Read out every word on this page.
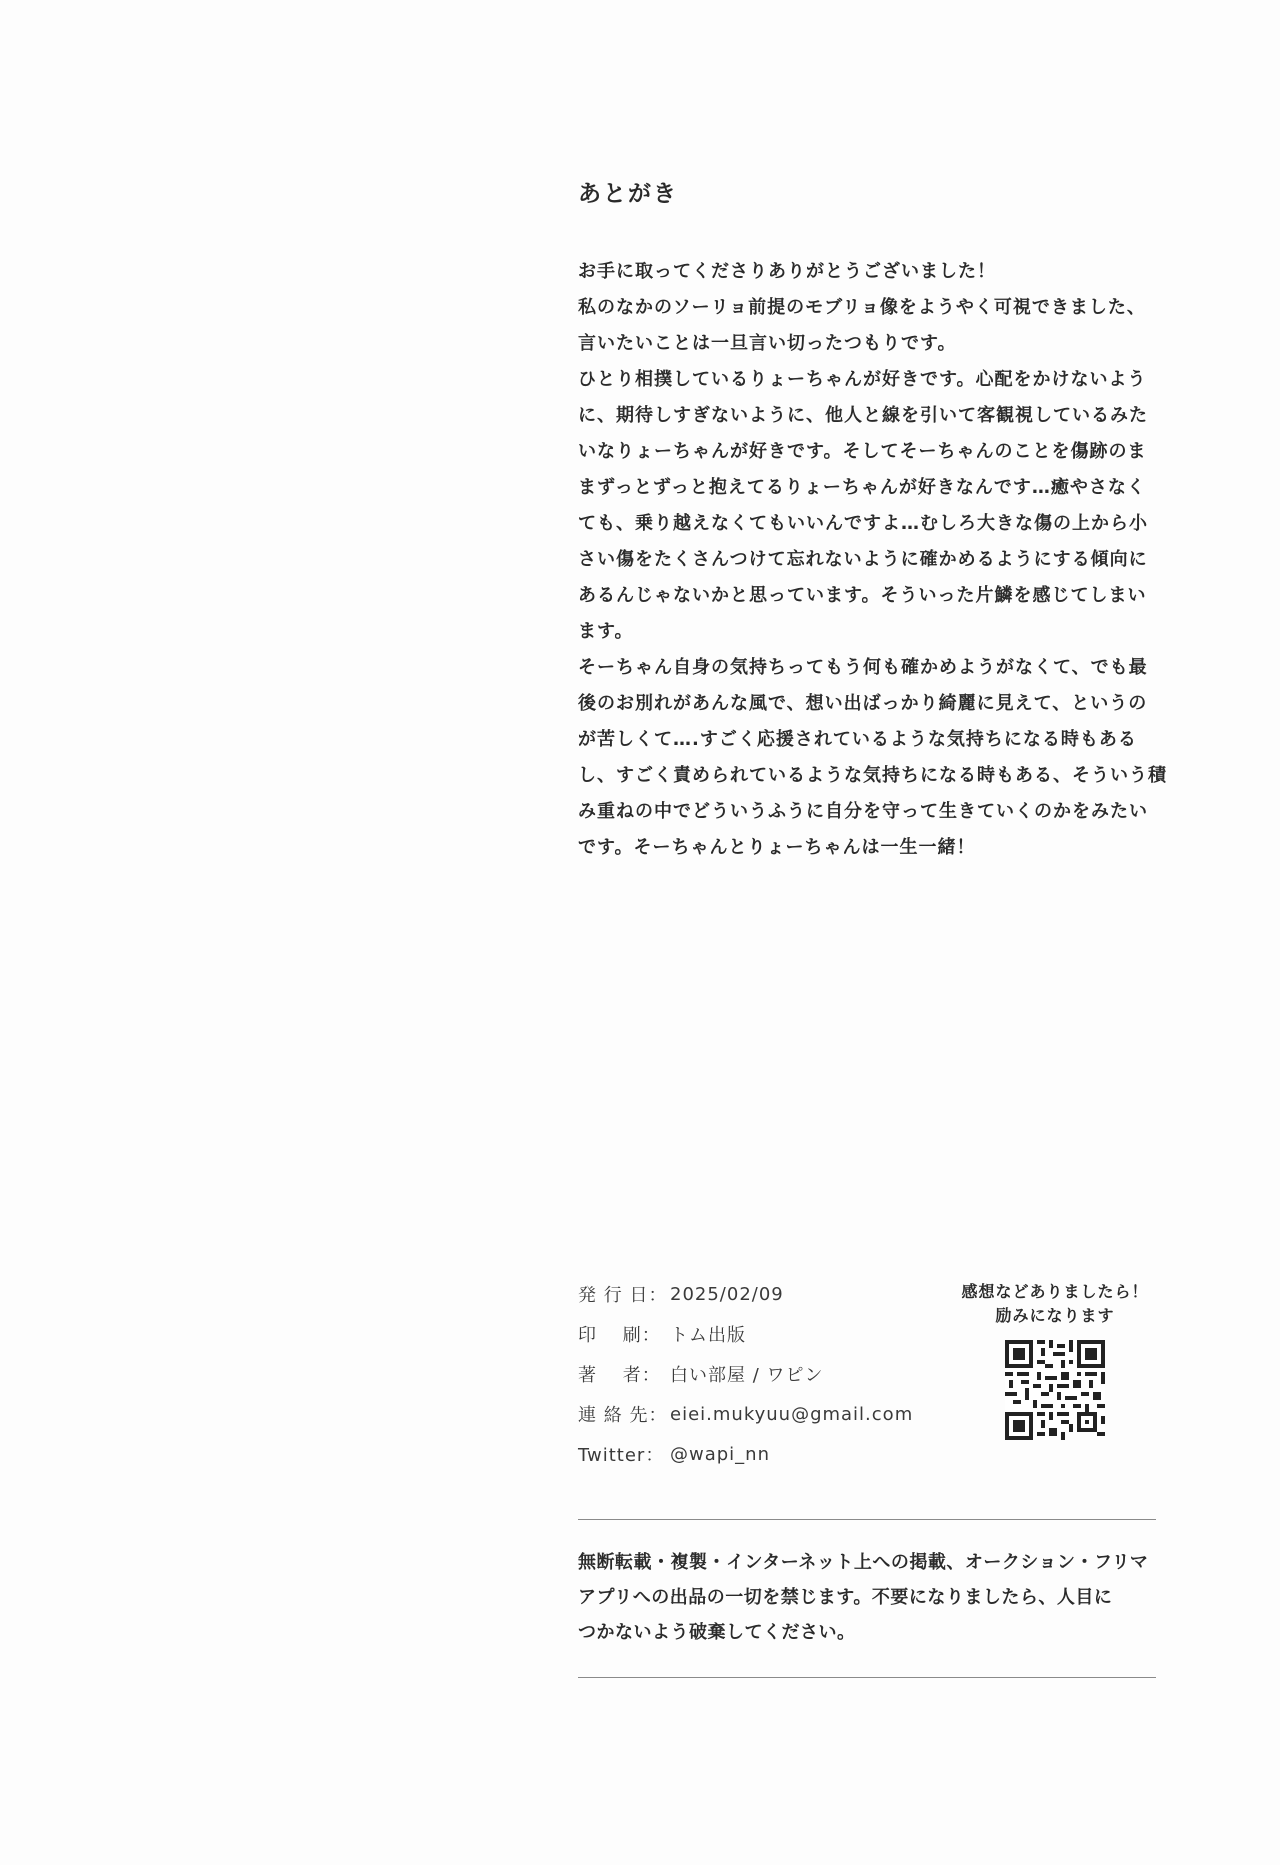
あとがき
お手に取ってくださりありがとうございました！
私のなかのソーリョ前提のモブリョ像をようやく可視できました、
言いたいことは一旦言い切ったつもりです。
ひとり相撲しているりょーちゃんが好きです。心配をかけないよう
に、期待しすぎないように、他人と線を引いて客観視しているみた
いなりょーちゃんが好きです。そしてそーちゃんのことを傷跡のま
まずっとずっと抱えてるりょーちゃんが好きなんです…癒やさなく
ても、乗り越えなくてもいいんですよ…むしろ大きな傷の上から小
さい傷をたくさんつけて忘れないように確かめるようにする傾向に
あるんじゃないかと思っています。そういった片鱗を感じてしまい
ます。
そーちゃん自身の気持ちってもう何も確かめようがなくて、でも最
後のお別れがあんな風で、想い出ばっかり綺麗に見えて、というの
が苦しくて….すごく応援されているような気持ちになる時もある
し、すごく責められているような気持ちになる時もある、そういう積
み重ねの中でどういうふうに自分を守って生きていくのかをみたい
です。そーちゃんとりょーちゃんは一生一緒！
発 行 日： 2025/02/09
印 　刷： トム出版
著 　者： 白い部屋 / ワピン
連 絡 先： eiei.mukyuu@gmail.com
Twitter： @wapi_nn
感想などありましたら！
励みになります
無断転載・複製・インターネット上への掲載、オークション・フリマ
アプリへの出品の一切を禁じます。不要になりましたら、人目に
つかないよう破棄してください。
